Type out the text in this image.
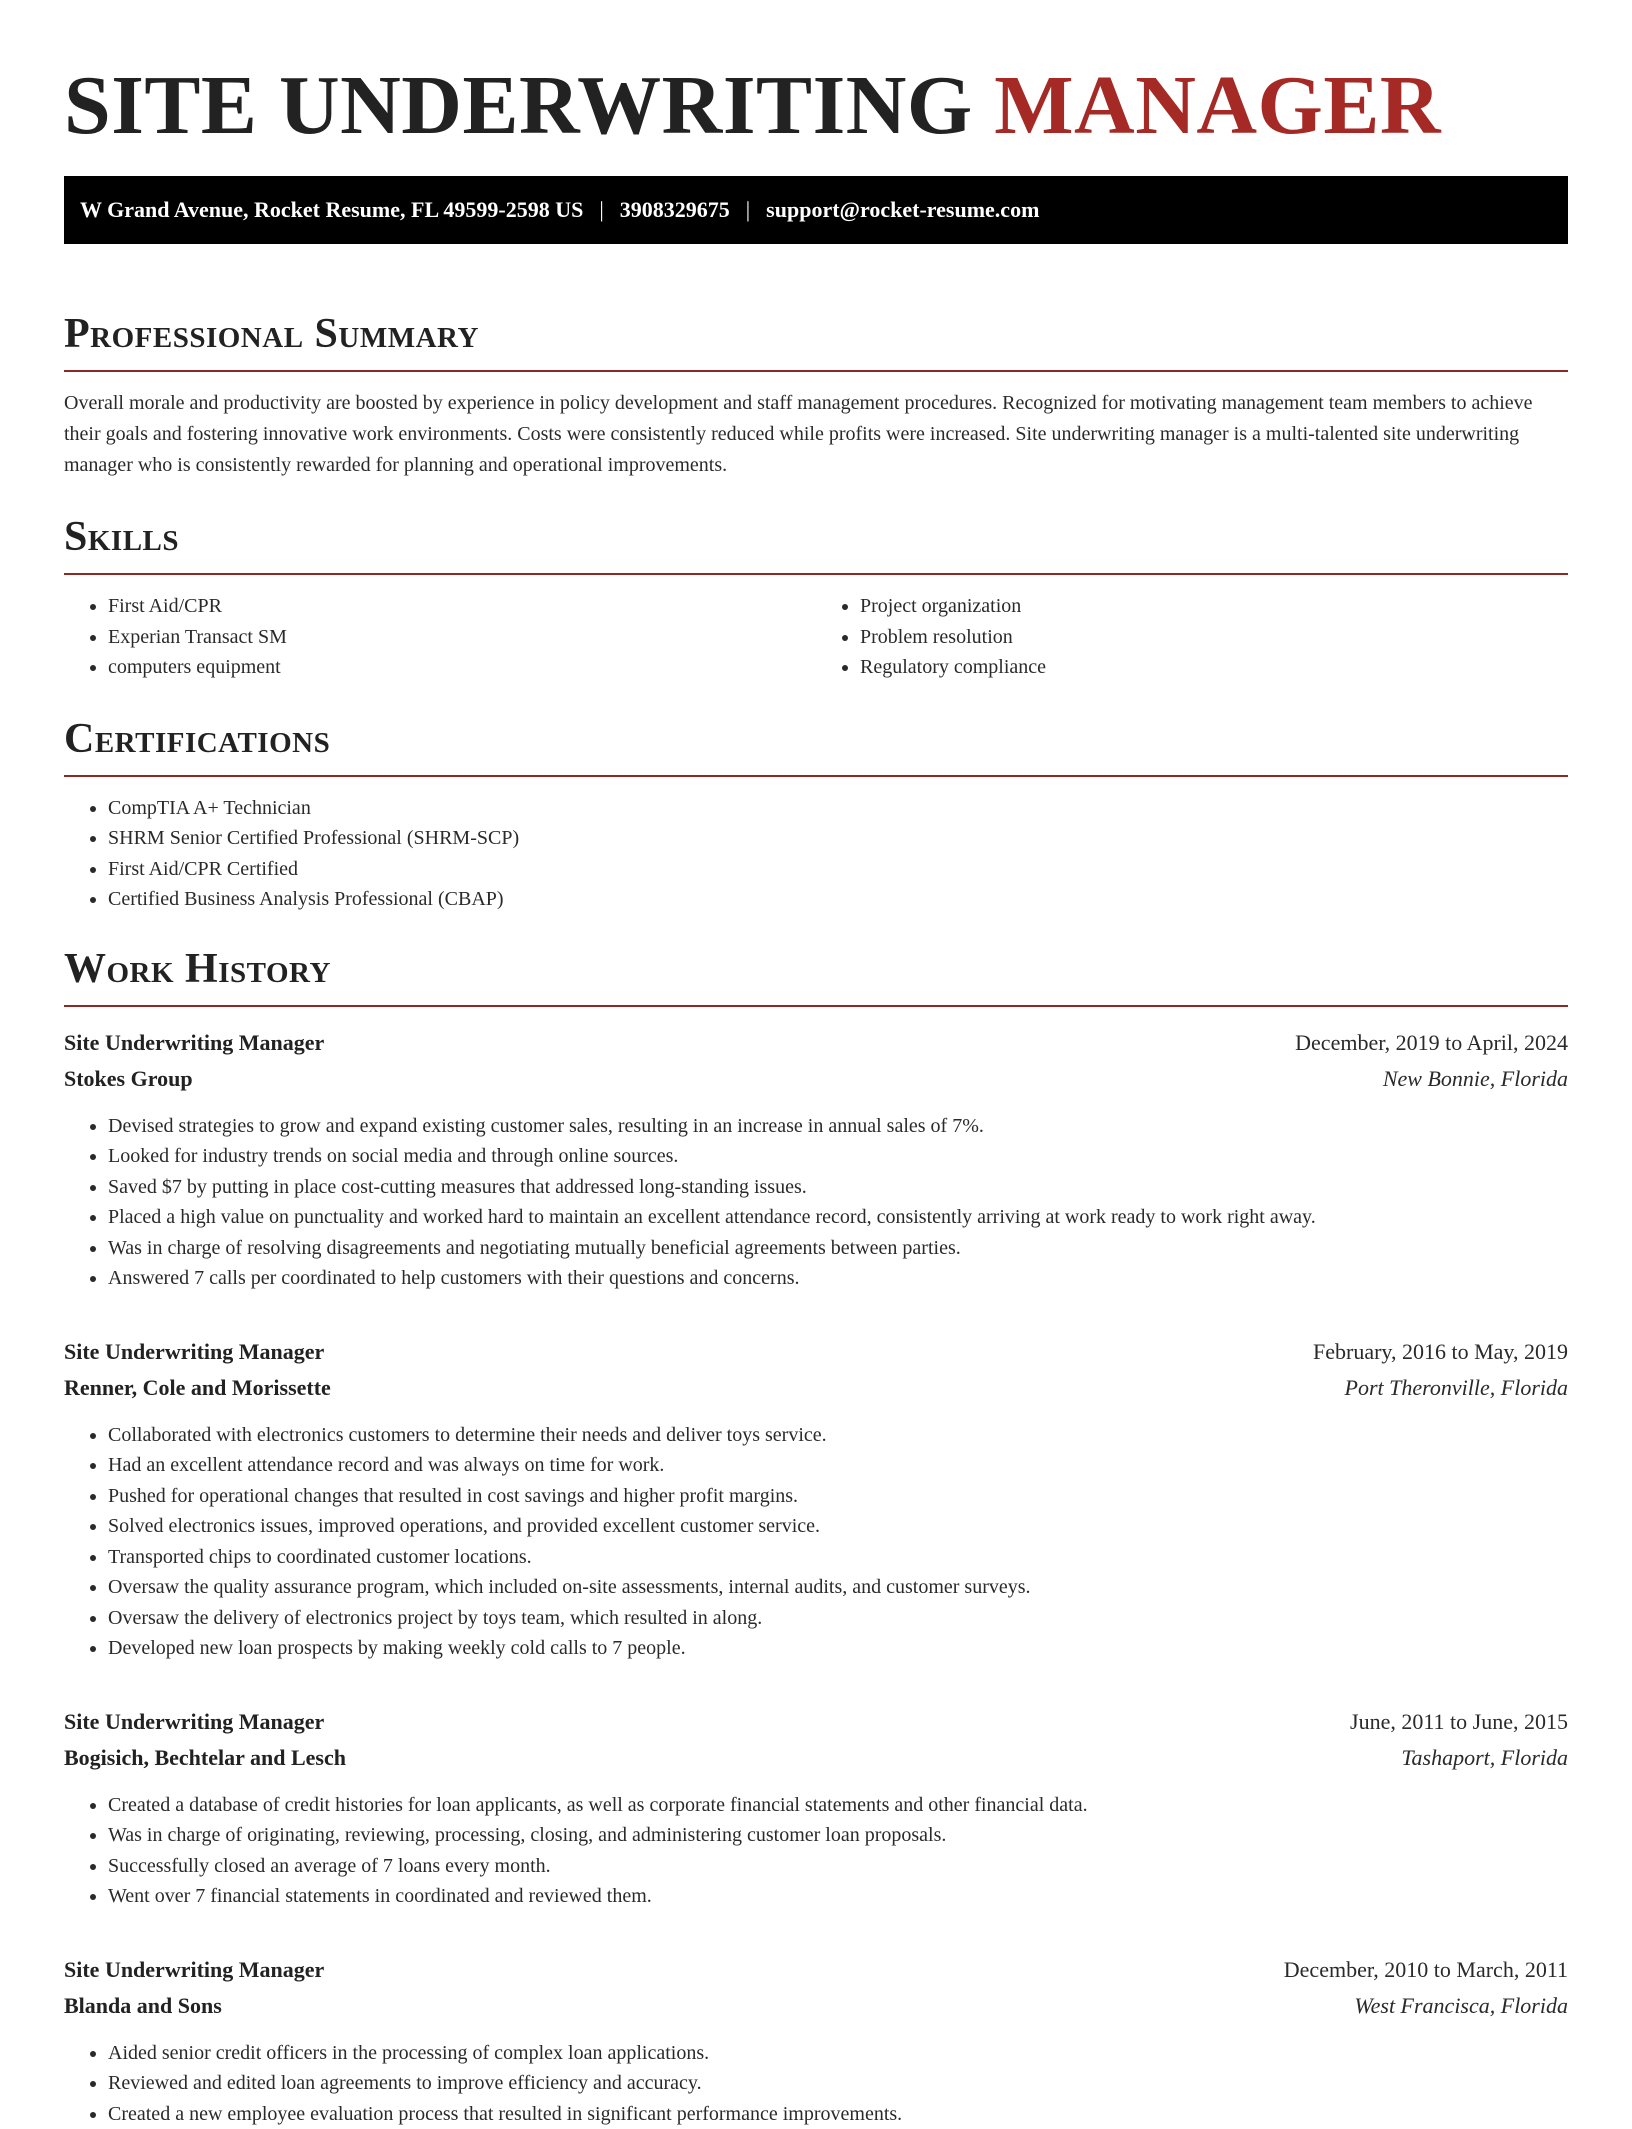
SITE UNDERWRITING MANAGER
W Grand Avenue, Rocket Resume, FL 49599-2598 US | 3908329675 | support@rocket-resume.com
Professional Summary

Overall morale and productivity are boosted by experience in policy development and staff management procedures. Recognized for motivating management team members to achieve their goals and fostering innovative work environments. Costs were consistently reduced while profits were increased. Site underwriting manager is a multi-talented site underwriting manager who is consistently rewarded for planning and operational improvements.

Skills
• First Aid/CPR
• Experian Transact SM
• computers equipment
• Project organization
• Problem resolution
• Regulatory compliance
Certifications
• CompTIA A+ Technician
• SHRM Senior Certified Professional (SHRM-SCP)
• First Aid/CPR Certified
• Certified Business Analysis Professional (CBAP)
Work History
Site Underwriting Manager	December, 2019 to April, 2024
Stokes Group	New Bonnie, Florida
• Devised strategies to grow and expand existing customer sales, resulting in an increase in annual sales of 7%.
• Looked for industry trends on social media and through online sources.
• Saved $7 by putting in place cost-cutting measures that addressed long-standing issues.
• Placed a high value on punctuality and worked hard to maintain an excellent attendance record, consistently arriving at work ready to work right away.
• Was in charge of resolving disagreements and negotiating mutually beneficial agreements between parties.
• Answered 7 calls per coordinated to help customers with their questions and concerns.
Site Underwriting Manager	February, 2016 to May, 2019
Renner, Cole and Morissette	Port Theronville, Florida
• Collaborated with electronics customers to determine their needs and deliver toys service.
• Had an excellent attendance record and was always on time for work.
• Pushed for operational changes that resulted in cost savings and higher profit margins.
• Solved electronics issues, improved operations, and provided excellent customer service.
• Transported chips to coordinated customer locations.
• Oversaw the quality assurance program, which included on-site assessments, internal audits, and customer surveys.
• Oversaw the delivery of electronics project by toys team, which resulted in along.
• Developed new loan prospects by making weekly cold calls to 7 people.
Site Underwriting Manager	June, 2011 to June, 2015
Bogisich, Bechtelar and Lesch	Tashaport, Florida
• Created a database of credit histories for loan applicants, as well as corporate financial statements and other financial data.
• Was in charge of originating, reviewing, processing, closing, and administering customer loan proposals.
• Successfully closed an average of 7 loans every month.
• Went over 7 financial statements in coordinated and reviewed them.
Site Underwriting Manager	December, 2010 to March, 2011
Blanda and Sons	West Francisca, Florida
• Aided senior credit officers in the processing of complex loan applications.
• Reviewed and edited loan agreements to improve efficiency and accuracy.
• Created a new employee evaluation process that resulted in significant performance improvements.
